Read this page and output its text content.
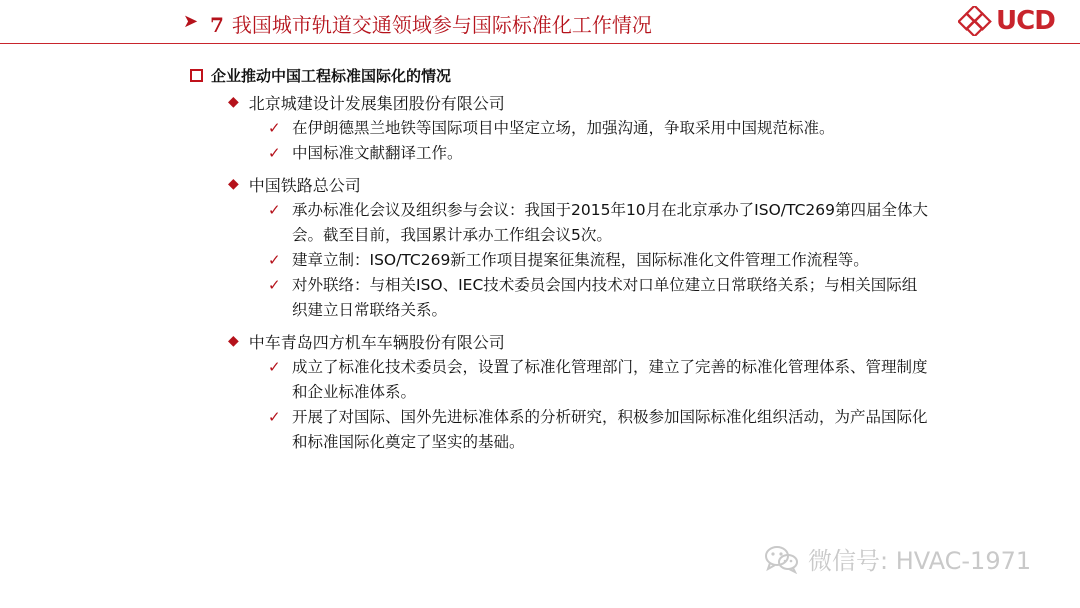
➤ 7 我国城市轨道交通领域参与国际标准化工作情况	UCD
企业推动中国工程标准国际化的情况
◆ 北京城建设计发展集团股份有限公司
✓ 在伊朗德黑兰地铁等国际项目中坚定立场，加强沟通，争取采用中国规范标准。
✓ 中国标准文献翻译工作。
◆ 中国铁路总公司
✓ 承办标准化会议及组织参与会议：我国于2015年10月在北京承办了ISO/TC269第四届全体大会。截至目前，我国累计承办工作组会议5次。
✓ 建章立制：ISO/TC269新工作项目提案征集流程，国际标准化文件管理工作流程等。
✓ 对外联络：与相关ISO、IEC技术委员会国内技术对口单位建立日常联络关系；与相关国际组织建立日常联络关系。
◆ 中车青岛四方机车车辆股份有限公司
✓ 成立了标准化技术委员会，设置了标准化管理部门，建立了完善的标准化管理体系、管理制度和企业标准体系。
✓ 开展了对国际、国外先进标准体系的分析研究，积极参加国际标准化组织活动，为产品国际化和标准国际化奠定了坚实的基础。
微信号: HVAC-1971
